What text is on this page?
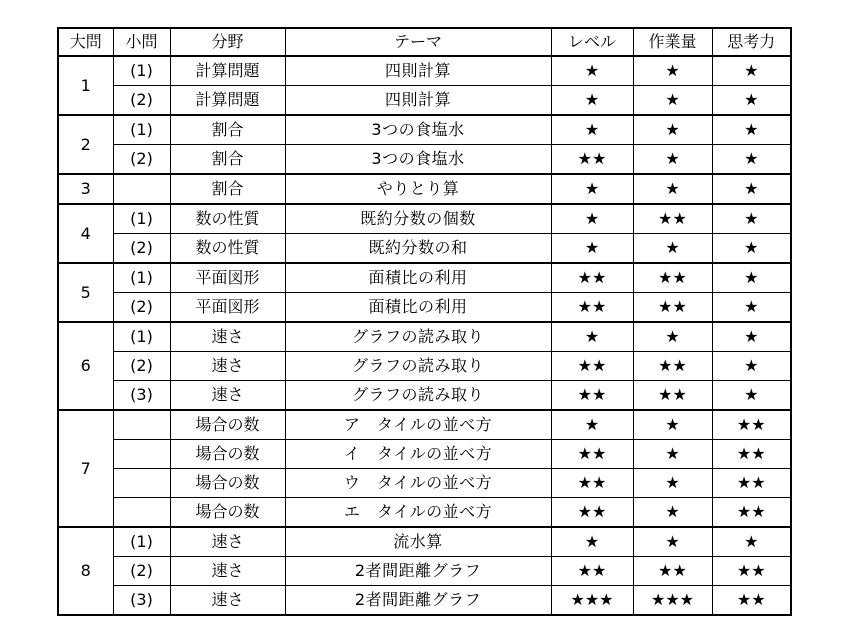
大問	小問	分野	テーマ	レベル	作業量	思考力
1	(1)	計算問題	四則計算	★	★	★
	(2)	計算問題	四則計算	★	★	★
2	(1)	割合	3つの食塩水	★	★	★
	(2)	割合	3つの食塩水	★★	★	★
3		割合	やりとり算	★	★	★
4	(1)	数の性質	既約分数の個数	★	★★	★
	(2)	数の性質	既約分数の和	★	★	★
5	(1)	平面図形	面積比の利用	★★	★★	★
	(2)	平面図形	面積比の利用	★★	★★	★
6	(1)	速さ	グラフの読み取り	★	★	★
	(2)	速さ	グラフの読み取り	★★	★★	★
	(3)	速さ	グラフの読み取り	★★	★★	★
7		場合の数	ア　タイルの並べ方	★	★	★★
		場合の数	イ　タイルの並べ方	★★	★	★★
		場合の数	ウ　タイルの並べ方	★★	★	★★
		場合の数	エ　タイルの並べ方	★★	★	★★
8	(1)	速さ	流水算	★	★	★
	(2)	速さ	2者間距離グラフ	★★	★★	★★
	(3)	速さ	2者間距離グラフ	★★★	★★★	★★
